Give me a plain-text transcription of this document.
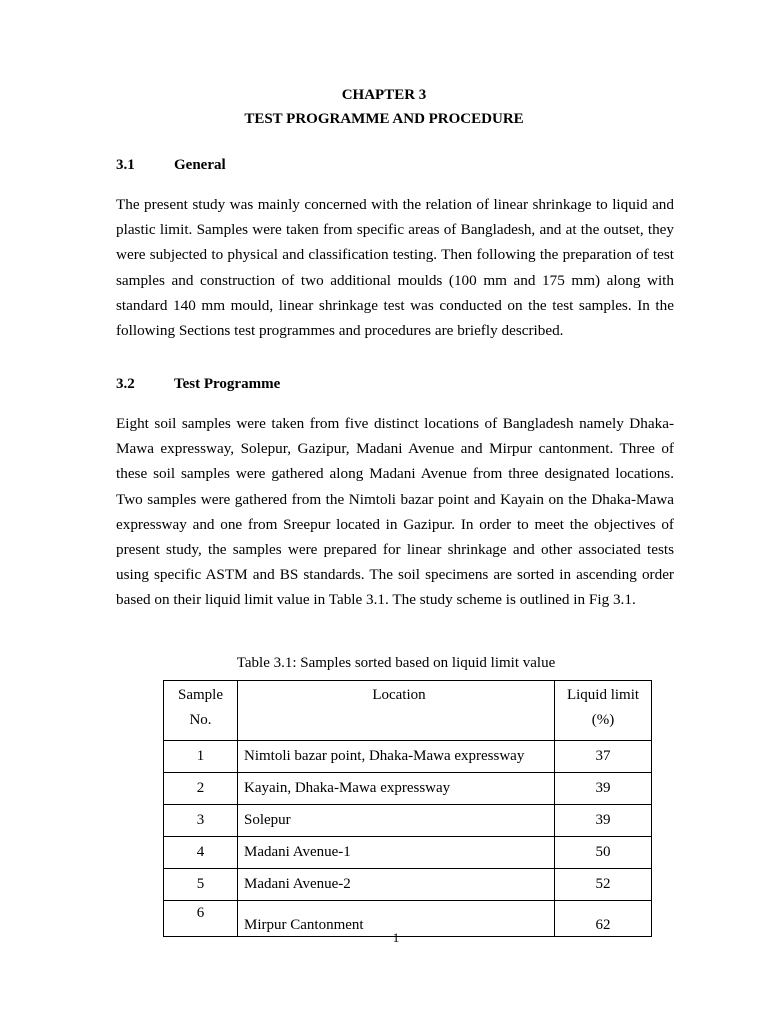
CHAPTER 3
TEST PROGRAMME AND PROCEDURE
3.1	General
The present study was mainly concerned with the relation of linear shrinkage to liquid and plastic limit. Samples were taken from specific areas of Bangladesh, and at the outset, they were subjected to physical and classification testing. Then following the preparation of test samples and construction of two additional moulds (100 mm and 175 mm) along with standard 140 mm mould, linear shrinkage test was conducted on the test samples. In the following Sections test programmes and procedures are briefly described.
3.2	Test Programme
Eight soil samples were taken from five distinct locations of Bangladesh namely Dhaka-Mawa expressway, Solepur, Gazipur, Madani Avenue and Mirpur cantonment. Three of these soil samples were gathered along Madani Avenue from three designated locations. Two samples were gathered from the Nimtoli bazar point and Kayain on the Dhaka-Mawa expressway and one from Sreepur located in Gazipur. In order to meet the objectives of present study, the samples were prepared for linear shrinkage and other associated tests using specific ASTM and BS standards. The soil specimens are sorted in ascending order based on their liquid limit value in Table 3.1. The study scheme is outlined in Fig 3.1.
Table 3.1: Samples sorted based on liquid limit value
Sample
No.	Location	Liquid limit
(%)
1	Nimtoli bazar point, Dhaka-Mawa expressway	37
2	Kayain, Dhaka-Mawa expressway	39
3	Solepur	39
4	Madani Avenue-1	50
5	Madani Avenue-2	52
6	Mirpur Cantonment	62
1
